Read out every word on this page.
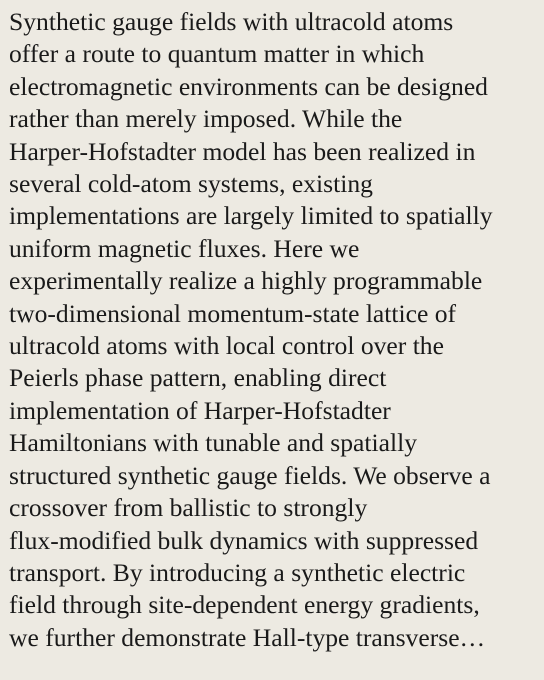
Synthetic gauge fields with ultracold atoms
offer a route to quantum matter in which
electromagnetic environments can be designed
rather than merely imposed. While the
Harper-Hofstadter model has been realized in
several cold-atom systems, existing
implementations are largely limited to spatially
uniform magnetic fluxes. Here we
experimentally realize a highly programmable
two-dimensional momentum-state lattice of
ultracold atoms with local control over the
Peierls phase pattern, enabling direct
implementation of Harper-Hofstadter
Hamiltonians with tunable and spatially
structured synthetic gauge fields. We observe a
crossover from ballistic to strongly
flux-modified bulk dynamics with suppressed
transport. By introducing a synthetic electric
field through site-dependent energy gradients,
we further demonstrate Hall-type transverse…
